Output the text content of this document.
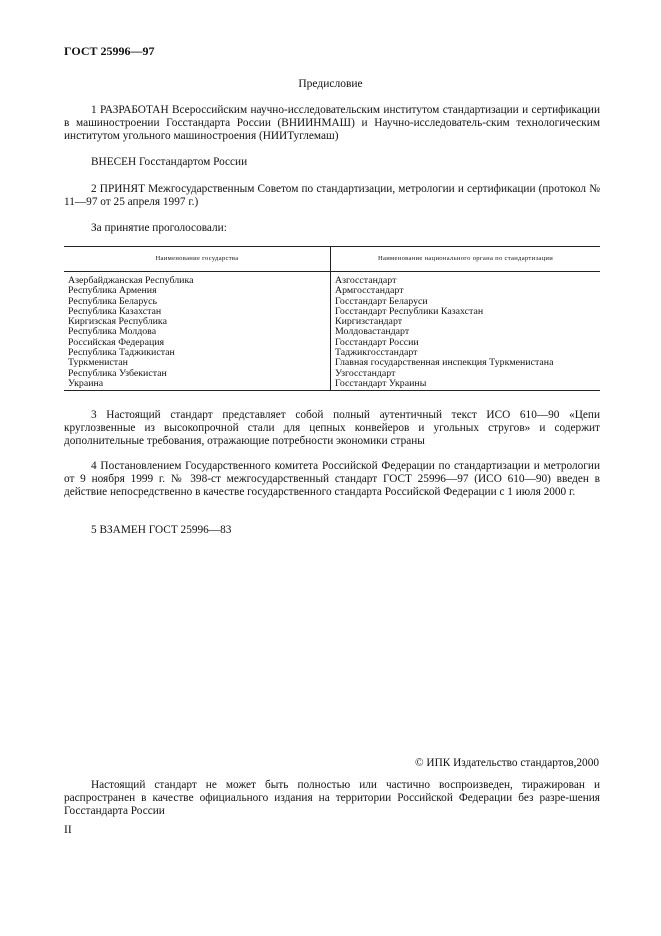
ГОСТ 25996—97
Предисловие
1 РАЗРАБОТАН Всероссийским научно-исследовательским институтом стандартизации и сертификации в машиностроении Госстандарта России (ВНИИНМАШ) и Научно-исследователь-ским технологическим институтом угольного машиностроения (НИИТуглемаш)
ВНЕСЕН Госстандартом России
2 ПРИНЯТ Межгосударственным Советом по стандартизации, метрологии и сертификации (протокол № 11—97 от 25 апреля 1997 г.)
За принятие проголосовали:
Наименование государства	Наименование национального органа по стандартизации
Азербайджанская Республика	Азгосстандарт
Республика Армения	Армгосстандарт
Республика Беларусь	Госстандарт Беларуси
Республика Казахстан	Госстандарт Республики Казахстан
Киргизская Республика	Киргизстандарт
Республика Молдова	Молдовастандарт
Российская Федерация	Госстандарт России
Республика Таджикистан	Таджикгосстандарт
Туркменистан	Главная государственная инспекция Туркменистана
Республика Узбекистан	Узгосстандарт
Украина	Госстандарт Украины
3 Настоящий стандарт представляет собой полный аутентичный текст ИСО 610—90 «Цепи круглозвенные из высокопрочной стали для цепных конвейеров и угольных стругов» и содержит дополнительные требования, отражающие потребности экономики страны
4 Постановлением Государственного комитета Российской Федерации по стандартизации и метрологии от 9 ноября 1999 г. № 398-ст межгосударственный стандарт ГОСТ 25996—97 (ИСО 610—90) введен в действие непосредственно в качестве государственного стандарта Российской Федерации с 1 июля 2000 г.
5 ВЗАМЕН ГОСТ 25996—83
© ИПК Издательство стандартов,2000
Настоящий стандарт не может быть полностью или частично воспроизведен, тиражирован и распространен в качестве официального издания на территории Российской Федерации без разре-шения Госстандарта России
II
